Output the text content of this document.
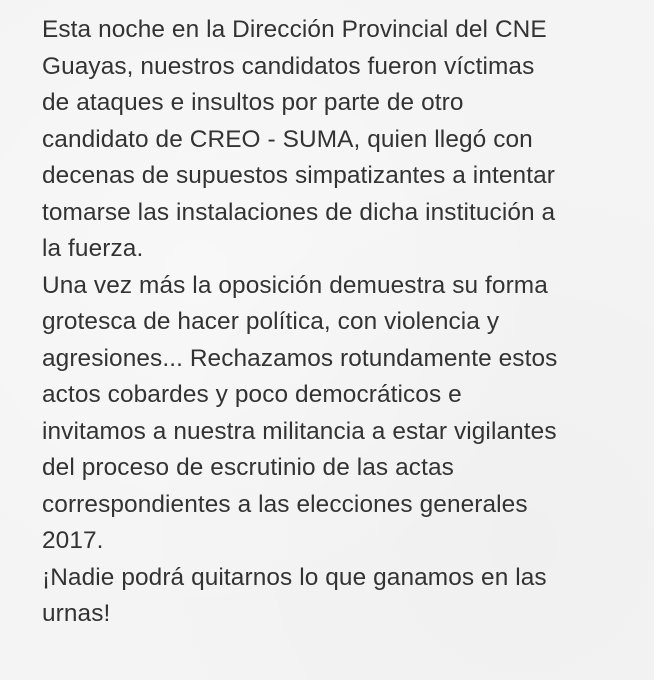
Esta noche en la Dirección Provincial del CNE
Guayas, nuestros candidatos fueron víctimas
de ataques e insultos por parte de otro
candidato de CREO - SUMA, quien llegó con
decenas de supuestos simpatizantes a intentar
tomarse las instalaciones de dicha institución a
la fuerza.
Una vez más la oposición demuestra su forma
grotesca de hacer política, con violencia y
agresiones... Rechazamos rotundamente estos
actos cobardes y poco democráticos e
invitamos a nuestra militancia a estar vigilantes
del proceso de escrutinio de las actas
correspondientes a las elecciones generales
2017.
¡Nadie podrá quitarnos lo que ganamos en las
urnas!
